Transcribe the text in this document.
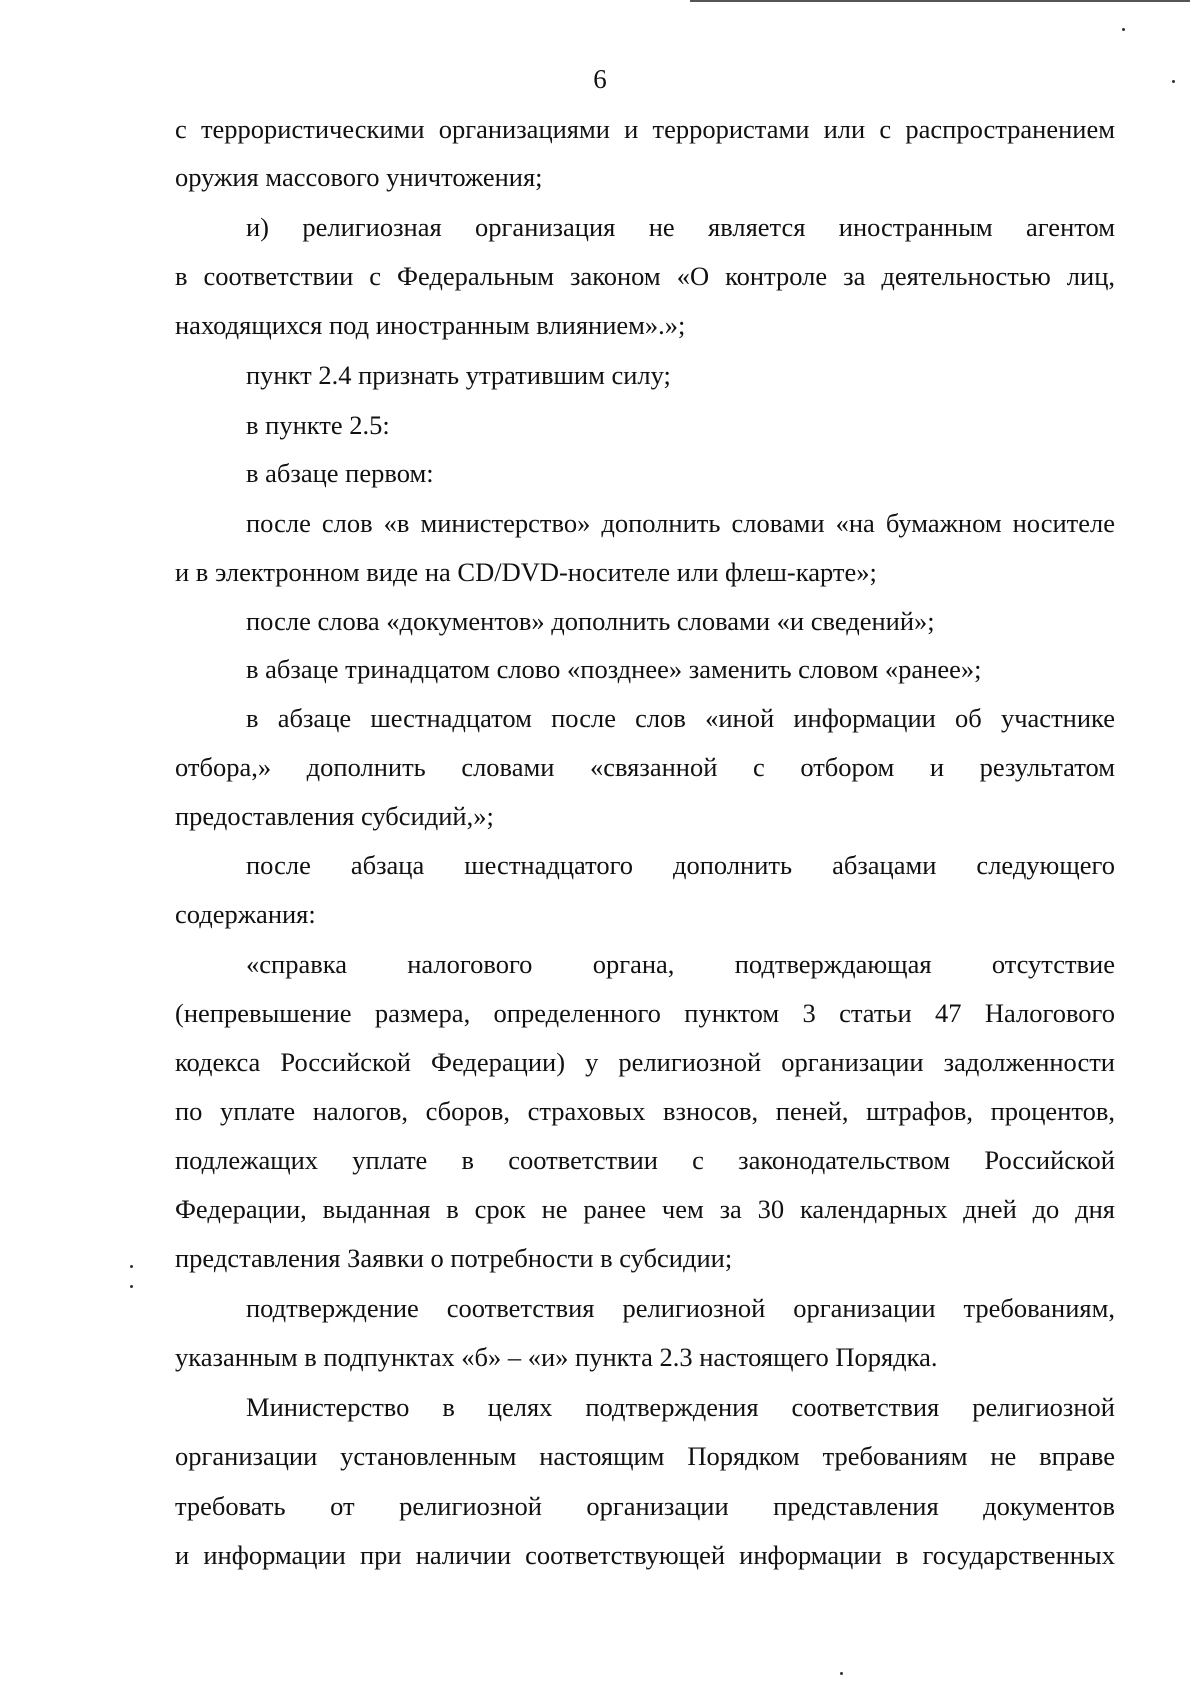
6

с террористическими организациями и террористами или с распространением

оружия массового уничтожения;

и) религиозная организация не является иностранным агентом

в соответствии с Федеральным законом «О контроле за деятельностью лиц,

находящихся под иностранным влиянием».»;

пункт 2.4 признать утратившим силу;

в пункте 2.5:

в абзаце первом:

после слов «в министерство» дополнить словами «на бумажном носителе

и в электронном виде на CD/DVD-носителе или флеш-карте»;

после слова «документов» дополнить словами «и сведений»;

в абзаце тринадцатом слово «позднее» заменить словом «ранее»;

в абзаце шестнадцатом после слов «иной информации об участнике

отбора,» дополнить словами «связанной с отбором и результатом

предоставления субсидий,»;

после абзаца шестнадцатого дополнить абзацами следующего

содержания:

«справка налогового органа, подтверждающая отсутствие

(непревышение размера, определенного пунктом 3 статьи 47 Налогового

кодекса Российской Федерации) у религиозной организации задолженности

по уплате налогов, сборов, страховых взносов, пеней, штрафов, процентов,

подлежащих уплате в соответствии с законодательством Российской

Федерации, выданная в срок не ранее чем за 30 календарных дней до дня

представления Заявки о потребности в субсидии;

подтверждение соответствия религиозной организации требованиям,

указанным в подпунктах «б» – «и» пункта 2.3 настоящего Порядка.

Министерство в целях подтверждения соответствия религиозной

организации установленным настоящим Порядком требованиям не вправе

требовать от религиозной организации представления документов

и информации при наличии соответствующей информации в государственных
